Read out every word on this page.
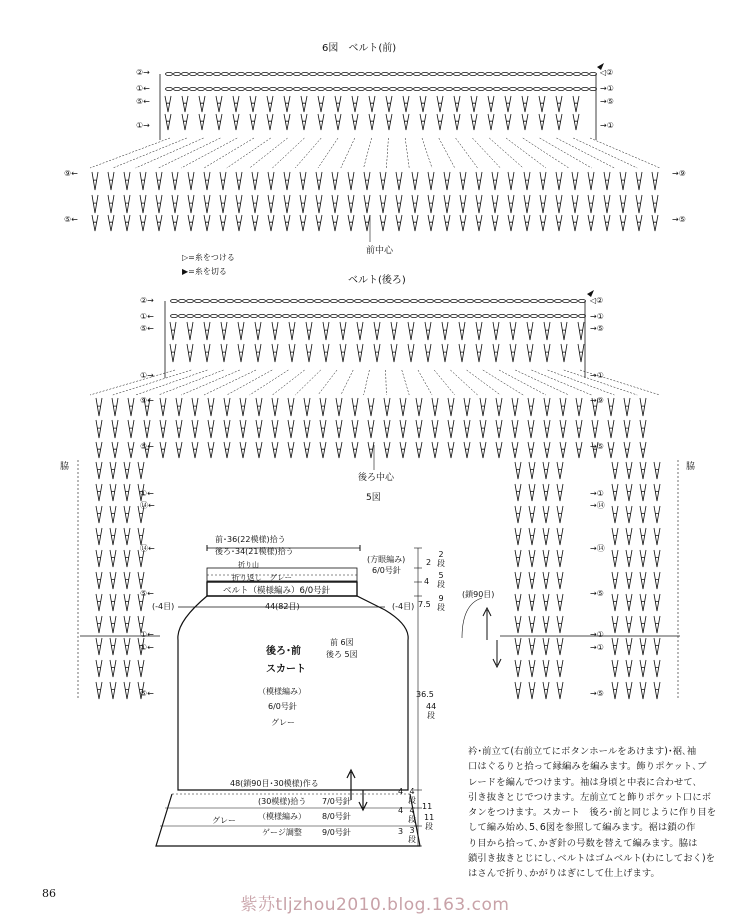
6図　ベルト(前)
前中心
②→
①←
⑤←
①→
⑨←
⑤←
◁②
→①
→⑤
→①
→⑨
→⑤
▷=糸をつける
▶=糸を切る
ベルト(後ろ)
後ろ中心
5図
脇	脇
②→
①←
⑤←
①→
⑨←
⑤←
①←
⑭←
⑭←
⑤←
①←
①←
⑤←
◁②
→①
→⑤
→①
→⑨
→⑤
→①
→⑭
→⑭
→⑤
→①
→①
→⑤
前･36(22模様)拾う
後ろ･34(21模様)拾う
折り山
折り返し　グレー
(方眼編み)
6/0号針
ベルト（模様編み）6/0号針
44(82目)
(-4目)	(-4目)
後ろ･前
スカート
前 6図
後ろ 5図
（模様編み）
6/0号針
グレー
48(鎖90目･30模様)作る
(30模様)拾う 7/0号針
（模様編み） 8/0号針
グレー
ゲージ調整	9/0号針
2
2段
4
5段
7.5
9段
36.5
44段
4 4段
11
11段
4 4段
3 3段
(鎖90目)
衿･前立て(右前立てにボタンホールをあけます)･裾､袖
口はぐるりと拾って縁編みを編みます。飾りポケット､ブ
レードを編んでつけます。袖は身頃と中表に合わせて､
引き抜きとじでつけます。左前立てと飾りポケット口にボ
タンをつけます。スカート　後ろ･前と同じように作り目を
して編み始め､5､6図を参照して編みます。裾は鎖の作
り目から拾って､かぎ針の号数を替えて編みます。脇は
鎖引き抜きとじにし､ベルトはゴムベルト(わにしておく)を
はさんで折り､かがりはぎにして仕上げます。
86
紫苏tljzhou2010.blog.163.com
